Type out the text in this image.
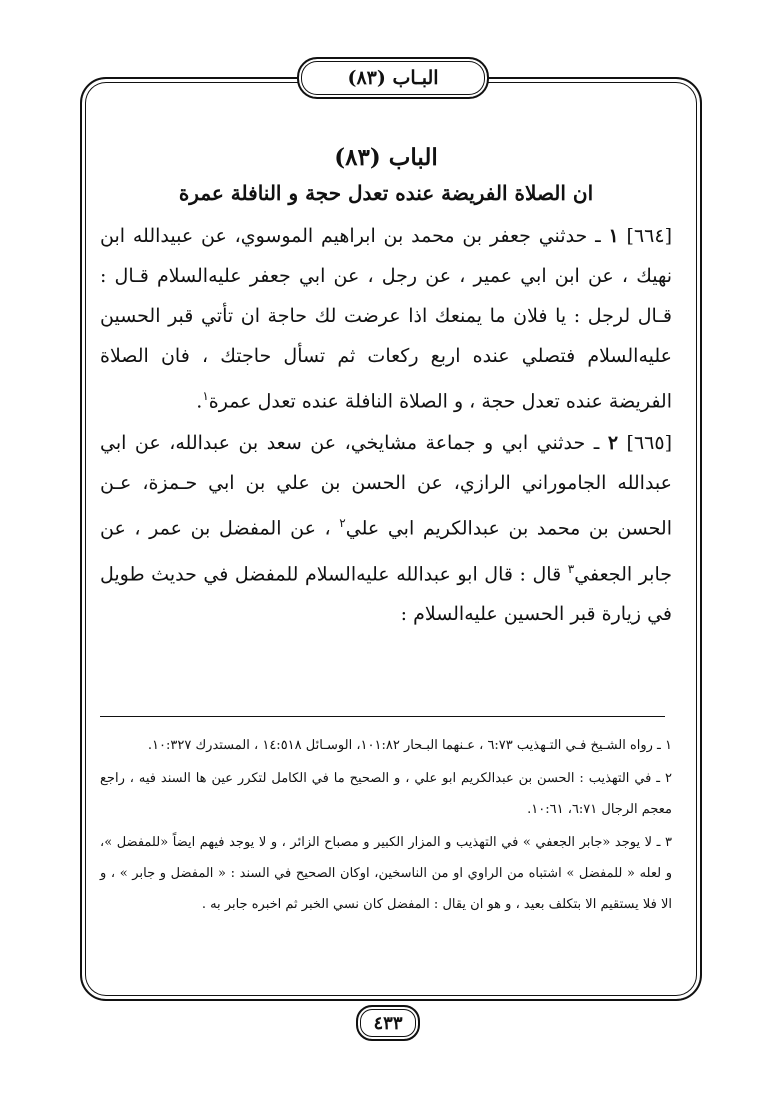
البـاب (٨٣)

الباب (٨٣)

ان الصلاة الفريضة عنده تعدل حجة و النافلة عمرة

[٦٦٤] ١ ـ حدثني جعفر بن محمد بن ابراهيم الموسوي، عن عبيدالله ابن نهيك ، عن ابن ابي عمير ، عن رجل ، عن ابي جعفر عليه‌السلام قـال : قـال لرجل : يا فلان ما يمنعك اذا عرضت لك حاجة ان تأتي قبر الحسين عليه‌السلام فتصلي عنده اربع ركعات ثم تسأل حاجتك ، فان الصلاة الفريضة عنده تعدل حجة ، و الصلاة النافلة عنده تعدل عمرة$^١$.

[٦٦٥] ٢ ـ حدثني ابي و جماعة مشايخي، عن سعد بن عبدالله، عن ابي عبدالله الجاموراني الرازي، عن الحسن بن علي بن ابي حـمزة، عـن الحسن بن محمد بن عبدالكريم ابي علي$^٢$ ، عن المفضل بن عمر ، عن جابر الجعفي$^٣$ قال : قال ابو عبدالله عليه‌السلام للمفضل في حديث طويل في زيارة قبر الحسين عليه‌السلام :

١ ـ رواه الشـيخ فـي التـهذيب ٦:٧٣ ، عـنهما البـحار ١٠١:٨٢، الوسـائل ١٤:٥١٨ ، المستدرك ١٠:٣٢٧.

٢ ـ في التهذيب : الحسن بن عبدالكريم ابو علي ، و الصحيح ما في الكامل لتكرر عين ها السند فيه ، راجع معجم الرجال ٦:٧١، ١٠:٦١.

٣ ـ لا يوجد «جابر الجعفي » في التهذيب و المزار الكبير و مصباح الزائر ، و لا يوجد فيهم ايضاً «للمفضل »، و لعله « للمفضل » اشتباه من الراوي او من الناسخين، اوكان الصحيح في السند : « المفضل و جابر » ، و الا فلا يستقيم الا بتكلف بعيد ، و هو ان يقال : المفضل كان نسي الخبر ثم اخبره جابر به .

٤٣٣
